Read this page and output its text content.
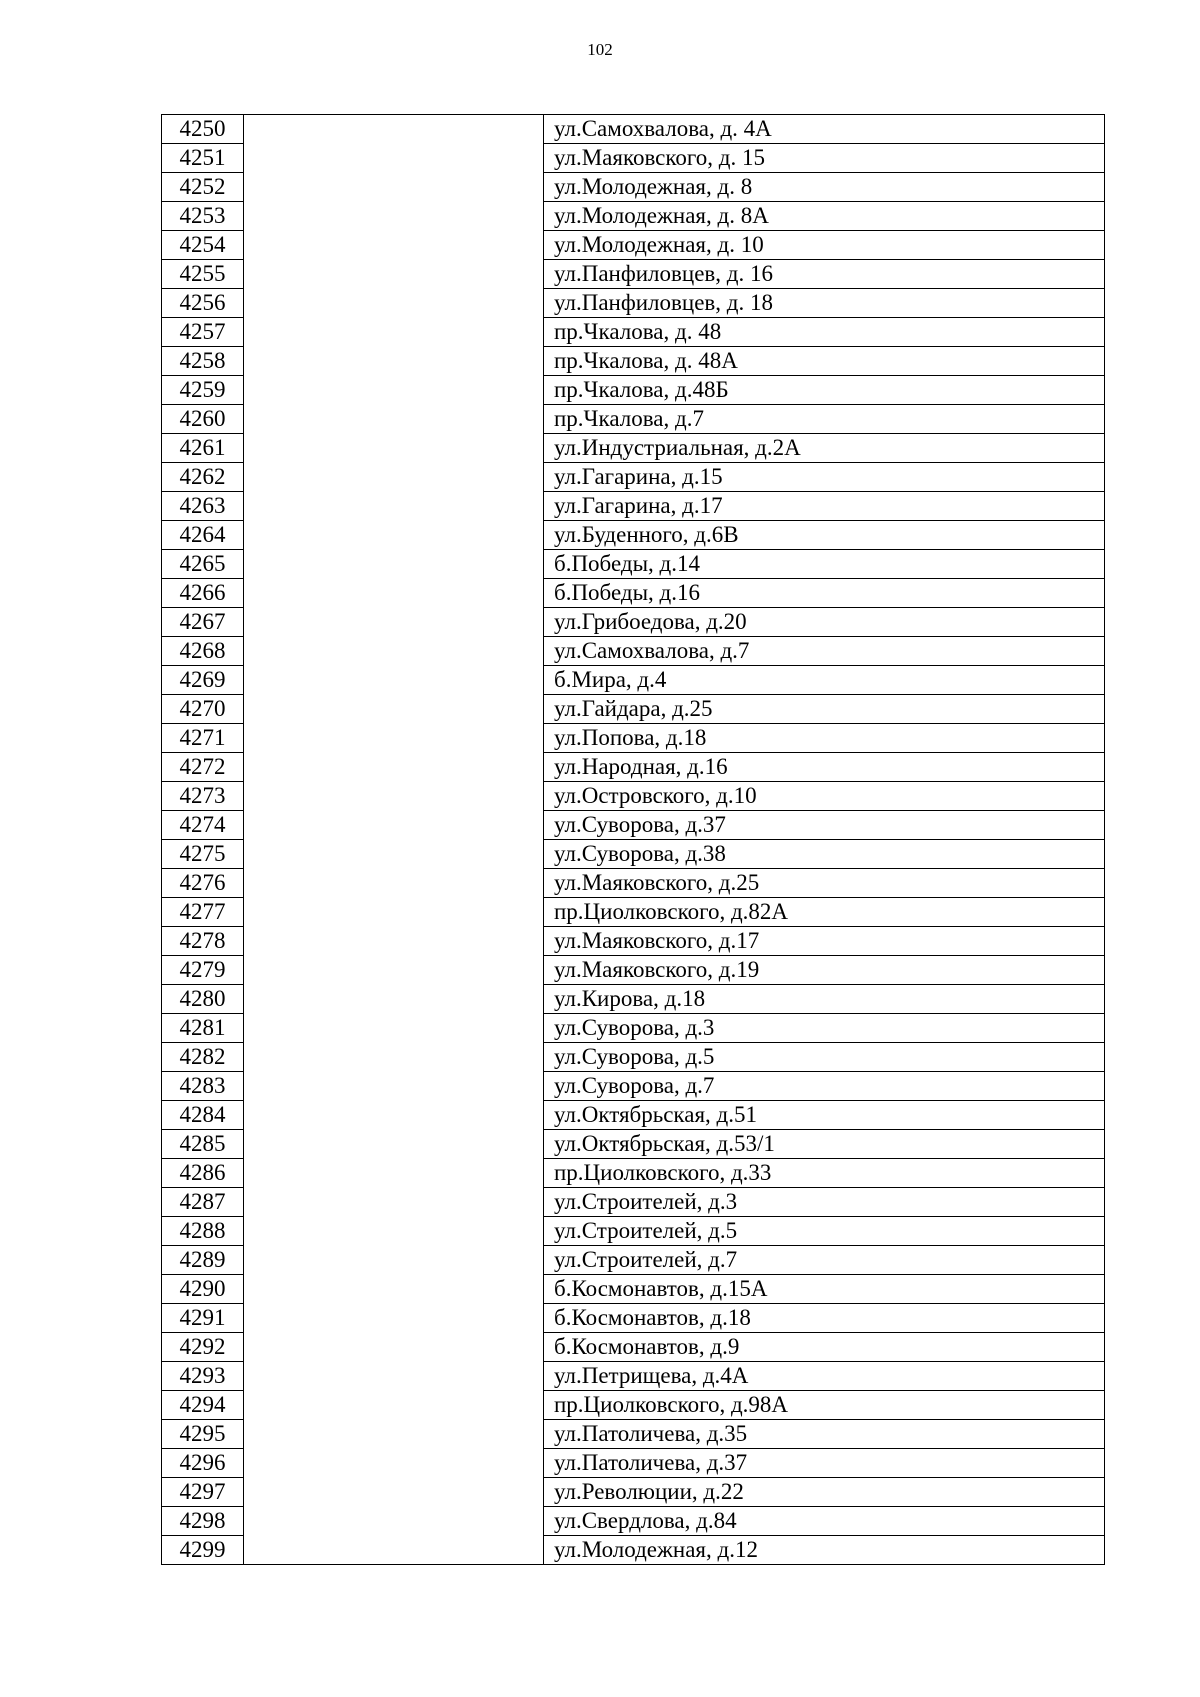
102
4250		ул.Самохвалова, д. 4А
4251		ул.Маяковского, д. 15
4252		ул.Молодежная, д. 8
4253		ул.Молодежная, д. 8А
4254		ул.Молодежная, д. 10
4255		ул.Панфиловцев, д. 16
4256		ул.Панфиловцев, д. 18
4257		пр.Чкалова, д. 48
4258		пр.Чкалова, д. 48А
4259		пр.Чкалова, д.48Б
4260		пр.Чкалова, д.7
4261		ул.Индустриальная, д.2А
4262		ул.Гагарина, д.15
4263		ул.Гагарина, д.17
4264		ул.Буденного, д.6В
4265		б.Победы, д.14
4266		б.Победы, д.16
4267		ул.Грибоедова, д.20
4268		ул.Самохвалова, д.7
4269		б.Мира, д.4
4270		ул.Гайдара, д.25
4271		ул.Попова, д.18
4272		ул.Народная, д.16
4273		ул.Островского, д.10
4274		ул.Суворова, д.37
4275		ул.Суворова, д.38
4276		ул.Маяковского, д.25
4277		пр.Циолковского, д.82А
4278		ул.Маяковского, д.17
4279		ул.Маяковского, д.19
4280		ул.Кирова, д.18
4281		ул.Суворова, д.3
4282		ул.Суворова, д.5
4283		ул.Суворова, д.7
4284		ул.Октябрьская, д.51
4285		ул.Октябрьская, д.53/1
4286		пр.Циолковского, д.33
4287		ул.Строителей, д.3
4288		ул.Строителей, д.5
4289		ул.Строителей, д.7
4290		б.Космонавтов, д.15А
4291		б.Космонавтов, д.18
4292		б.Космонавтов, д.9
4293		ул.Петрищева, д.4А
4294		пр.Циолковского, д.98А
4295		ул.Патоличева, д.35
4296		ул.Патоличева, д.37
4297		ул.Революции, д.22
4298		ул.Свердлова, д.84
4299		ул.Молодежная, д.12
